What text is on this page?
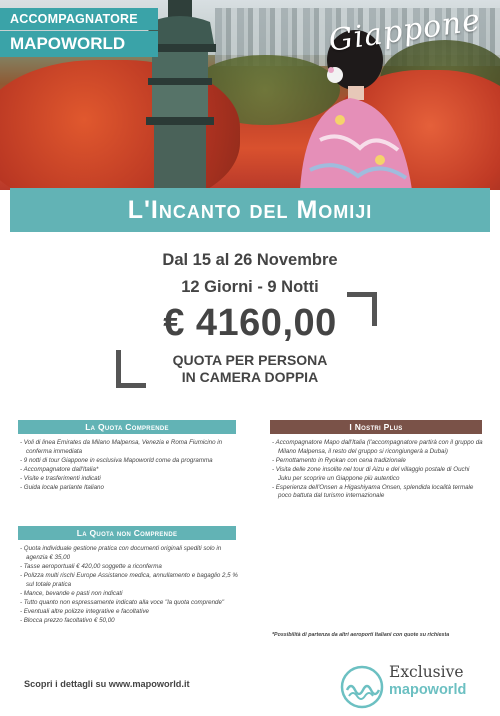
ACCOMPAGNATORE
MAPOWORLD	Giappone
L'Incanto del Momiji
Dal 15 al 26 Novembre
12 Giorni - 9 Notti
€ 4160,00
QUOTA PER PERSONA
IN CAMERA DOPPIA
La Quota Comprende
- Voli di linea Emirates da Milano Malpensa, Venezia e Roma Fiumicino in conferma immediata
- 9 notti di tour Giappone in esclusiva Mapoworld come da programma
- Accompagnatore dall'Italia*
- Visite e trasferimenti indicati
- Guida locale parlante Italiano
La Quota non Comprende
- Quota individuale gestione pratica con documenti originali spediti solo in agenzia € 35,00
- Tasse aeroportuali € 420,00 soggette a riconferma
- Polizza multi rischi Europe Assistance medica, annullamento e bagaglio 2,5 % sul totale pratica
- Mance, bevande e pasti non indicati
- Tutto quanto non espressamente indicato alla voce "la quota comprende"
- Eventuali altre polizze integrative e facoltative
- Blocca prezzo facoltativo € 50,00
I Nostri Plus
- Accompagnatore Mapo dall'Italia (l'accompagnatore partirà con il gruppo da Milano Malpensa, il resto del gruppo si ricongiungerà a Dubai)
- Pernottamento in Ryokan con cena tradizionale
- Visita delle zone insolite nel tour di Aizu e del villaggio postale di Ouchi Juku per scoprire un Giappone più autentico
- Esperienza dell'Onsen a Higashiyama Onsen, splendida località termale poco battuta dal turismo internazionale
*Possibilità di partenza da altri aeroporti Italiani con quote su richiesta
Scopri i dettagli su www.mapoworld.it
Exclusive
mapoworld
